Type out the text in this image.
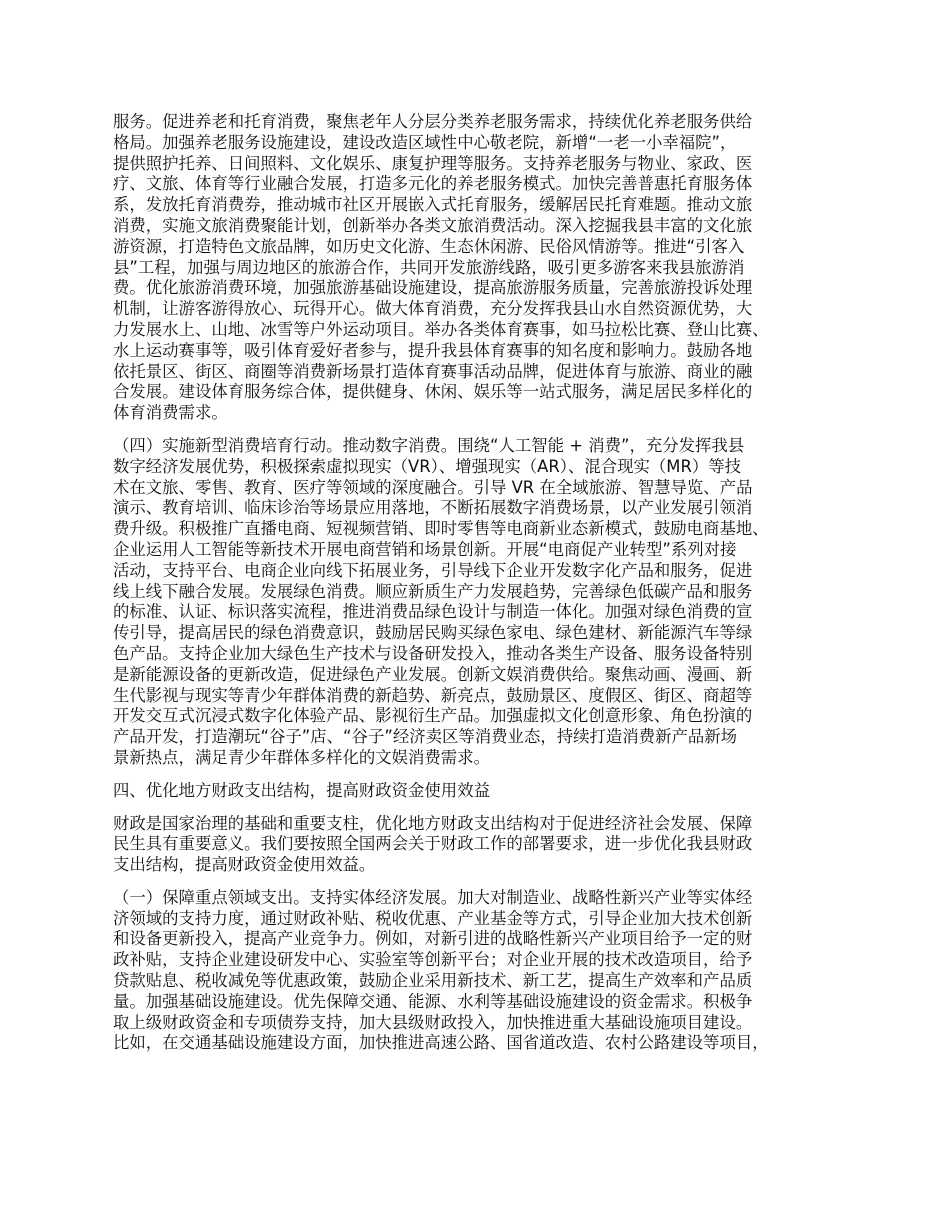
服务。促进养老和托育消费，聚焦老年人分层分类养老服务需求，持续优化养老服务供给
格局。加强养老服务设施建设，建设改造区域性中心敬老院，新增“一老一小幸福院”，
提供照护托养、日间照料、文化娱乐、康复护理等服务。支持养老服务与物业、家政、医
疗、文旅、体育等行业融合发展，打造多元化的养老服务模式。加快完善普惠托育服务体
系，发放托育消费券，推动城市社区开展嵌入式托育服务，缓解居民托育难题。推动文旅
消费，实施文旅消费聚能计划，创新举办各类文旅消费活动。深入挖掘我县丰富的文化旅
游资源，打造特色文旅品牌，如历史文化游、生态休闲游、民俗风情游等。推进“引客入
县”工程，加强与周边地区的旅游合作，共同开发旅游线路，吸引更多游客来我县旅游消
费。优化旅游消费环境，加强旅游基础设施建设，提高旅游服务质量，完善旅游投诉处理
机制，让游客游得放心、玩得开心。做大体育消费，充分发挥我县山水自然资源优势，大
力发展水上、山地、冰雪等户外运动项目。举办各类体育赛事，如马拉松比赛、登山比赛、
水上运动赛事等，吸引体育爱好者参与，提升我县体育赛事的知名度和影响力。鼓励各地
依托景区、街区、商圈等消费新场景打造体育赛事活动品牌，促进体育与旅游、商业的融
合发展。建设体育服务综合体，提供健身、休闲、娱乐等一站式服务，满足居民多样化的
体育消费需求。

（四）实施新型消费培育行动。推动数字消费。围绕“人工智能 + 消费”，充分发挥我县
数字经济发展优势，积极探索虚拟现实（VR）、增强现实（AR）、混合现实（MR）等技
术在文旅、零售、教育、医疗等领域的深度融合。引导 VR 在全域旅游、智慧导览、产品
演示、教育培训、临床诊治等场景应用落地，不断拓展数字消费场景，以产业发展引领消
费升级。积极推广直播电商、短视频营销、即时零售等电商新业态新模式，鼓励电商基地、
企业运用人工智能等新技术开展电商营销和场景创新。开展“电商促产业转型”系列对接
活动，支持平台、电商企业向线下拓展业务，引导线下企业开发数字化产品和服务，促进
线上线下融合发展。发展绿色消费。顺应新质生产力发展趋势，完善绿色低碳产品和服务
的标准、认证、标识落实流程，推进消费品绿色设计与制造一体化。加强对绿色消费的宣
传引导，提高居民的绿色消费意识，鼓励居民购买绿色家电、绿色建材、新能源汽车等绿
色产品。支持企业加大绿色生产技术与设备研发投入，推动各类生产设备、服务设备特别
是新能源设备的更新改造，促进绿色产业发展。创新文娱消费供给。聚焦动画、漫画、新
生代影视与现实等青少年群体消费的新趋势、新亮点，鼓励景区、度假区、街区、商超等
开发交互式沉浸式数字化体验产品、影视衍生产品。加强虚拟文化创意形象、角色扮演的
产品开发，打造潮玩“谷子”店、“谷子”经济卖区等消费业态，持续打造消费新产品新场
景新热点，满足青少年群体多样化的文娱消费需求。

四、优化地方财政支出结构，提高财政资金使用效益

财政是国家治理的基础和重要支柱，优化地方财政支出结构对于促进经济社会发展、保障
民生具有重要意义。我们要按照全国两会关于财政工作的部署要求，进一步优化我县财政
支出结构，提高财政资金使用效益。

（一）保障重点领域支出。支持实体经济发展。加大对制造业、战略性新兴产业等实体经
济领域的支持力度，通过财政补贴、税收优惠、产业基金等方式，引导企业加大技术创新
和设备更新投入，提高产业竞争力。例如，对新引进的战略性新兴产业项目给予一定的财
政补贴，支持企业建设研发中心、实验室等创新平台；对企业开展的技术改造项目，给予
贷款贴息、税收减免等优惠政策，鼓励企业采用新技术、新工艺，提高生产效率和产品质
量。加强基础设施建设。优先保障交通、能源、水利等基础设施建设的资金需求。积极争
取上级财政资金和专项债券支持，加大县级财政投入，加快推进重大基础设施项目建设。
比如，在交通基础设施建设方面，加快推进高速公路、国省道改造、农村公路建设等项目，
